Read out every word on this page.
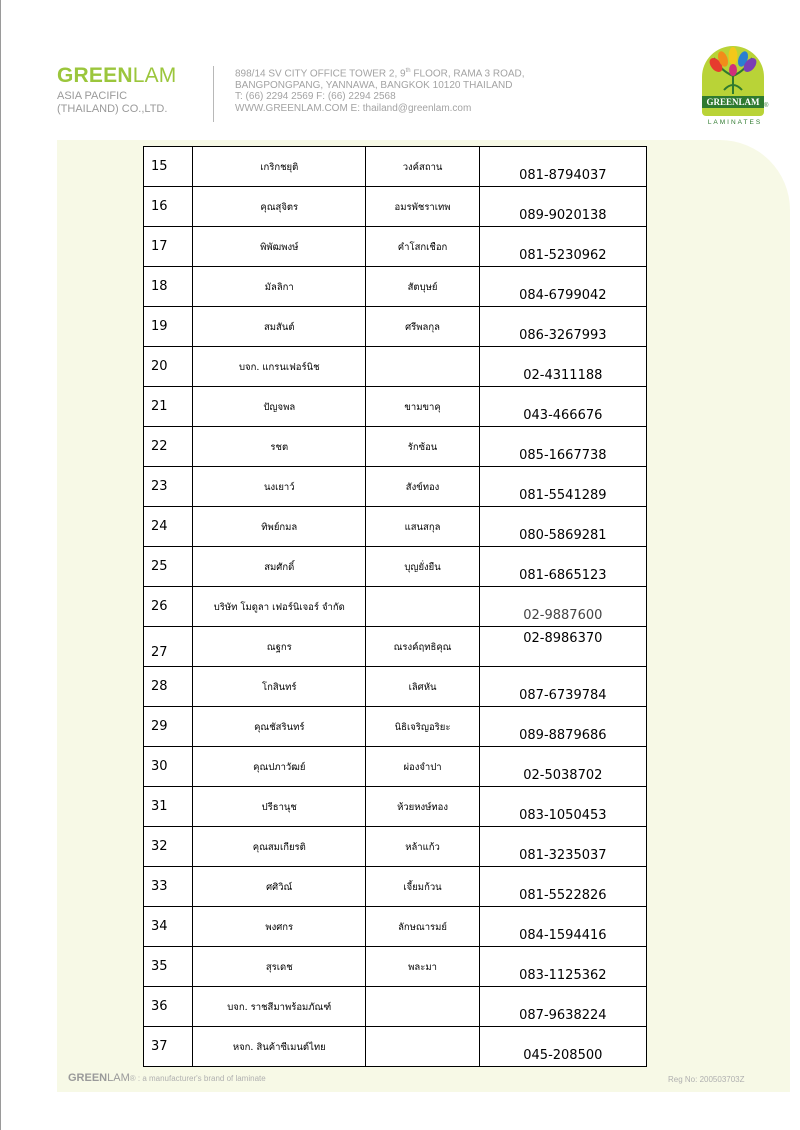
GREENLAM
ASIA PACIFIC
(THAILAND) CO.,LTD.
898/14 SV CITY OFFICE TOWER 2, 9th FLOOR, RAMA 3 ROAD,
BANGPONGPANG, YANNAWA, BANGKOK 10120 THAILAND
T: (66) 2294 2569 F: (66) 2294 2568
WWW.GREENLAM.COM E: thailand@greenlam.com
GREENLAM ®
LAMINATES
15	เกริกชยุติ	วงค์สถาน	081-8794037

16	คุณสุจิตร	อมรพัชราเทพ	089-9020138

17	พิพัฒพงษ์	คำโสกเชือก	081-5230962

18	มัลลิกา	สัตบุษย์	084-6799042

19	สมสันต์	ศรีพลกุล	086-3267993

20	บจก. แกรนเฟอร์นิช		02-4311188

21	ปัญจพล	ขามขาคุ	043-466676

22	รชต	รักซ้อน	085-1667738

23	นงเยาว์	สังข์ทอง	081-5541289

24	ทิพย์กมล	แสนสกุล	080-5869281

25	สมศักดิ์	บุญยั่งยืน	081-6865123

26	บริษัท โมดูลา เฟอร์นิเจอร์ จำกัด		02-9887600

27	ณฐกร	ณรงค์ฤทธิคุณ	02-8986370

28	โกสินทร์	เลิศหัน	087-6739784

29	คุณชัสรินทร์	นิธิเจริญอริยะ	089-8879686

30	คุณปภาวัฒย์	ผ่องจำปา	02-5038702

31	ปรีธานุช	ห้วยหงษ์ทอง	083-1050453

32	คุณสมเกียรติ	หล้าแก้ว	081-3235037

33	ศศิวิณ์	เจี้ยมก้วน	081-5522826

34	พงศกร	ลักษณารมย์	084-1594416

35	สุรเดช	พละมา	083-1125362

36	บจก. ราชสีมาพร้อมภัณฑ์		087-9638224

37	หจก. สินค้าซีเมนต์ไทย		045-208500
GREENLAM® : a manufacturer's brand of laminate	Reg No: 200503703Z
